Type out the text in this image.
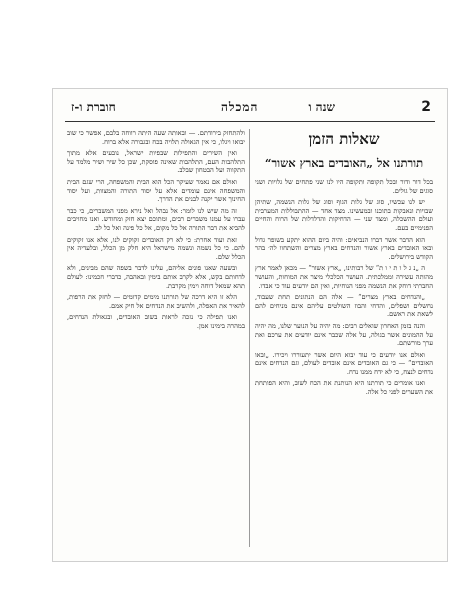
2
שנה ו
המכלה
חוברת ו-ז
שאלות הזמן
תורתנו אל „האובדים בארץ אשור“

בכל דור ודור ובכל תקופה ותקופה היו לנו שני פתחים של גלויות ושני סוגים של גולים.

יש לנו עכשיו, סוג של גלות הגוף וסוג של גלות הנשמה, שתיהן שבויות ונאבקות בתוכנו ובמעשינו. מצד אחד — ההתבוללות המערבית ועולם ההשכלה, ומצד שני — הדחיקות והדלדלות של הרוח והחיים הפנימיים בעם.

הוא הדבר אשר דברו הנביאים: והיה ביום ההוא יתקע בשופר גדול ובאו האובדים בארץ אשור והנדחים בארץ מצרים והשתחוו לה׳ בהר הקודש בירושלים.

ה „נ ג ל ו ת י ו ת“ של רבותינו, „ארץ אשור“ — מכאן לאמר ארץ מהותה עשירה וממלכתית. העושר הכלכלי מיצר את המוחות, והעושר החברתי דוחק את הנשמה מפני הנוחיות, ואין הם יודעים עוד כי אבדו.

„והנדחים בארץ מצרים“ — אלה הם הנתונים תחת שעבוד, נחשלים ושפלים, והדחי והבוז השולטים עליהם אינם מניחים להם לשאת את ראשם.

והנה בזמן האחרון שואלים רבים: מה יהיה על הנוער שלנו, מה יהיה על ההמונים אשר בגולה, על אלה שכבר אינם יודעים את ערכם ואת ערך מורשתם.

ואולם אנו יודעים כי עוד יבוא היום אשר יתעוררו ויכירו. „ובאו האובדים“ — כי גם האובדים אינם אובדים לעולם, וגם הנדחים אינם נדחים לנצח, כי לא ידח ממנו נדח.

ואנו אומרים כי תורתנו היא הנותנת את הכח לשוב, והיא הפותחת את השערים לפני כל אלה.

ולהתחזק בירודתם. — ובאותה שעה היתה רווחה בלבם, אפשר כי שוב יבואו ויגלו, כי אין הגאולה תלויה בכח ובגבורה אלא ברוח.

ואין השירים והתפילות שבפיות ישראל, נובעים אלא מתוך התלהבות העם, התלהבות שאינה פוסקת, שכן כל שיר ושיר מלמד על התקווה ועל הבטחון שבלב.

ואולם אם נאמר שעיקר הכל הוא הבית והמשפחה, הרי שגם הבית והמשפחה אינם עומדים אלא על יסוד התורה והמצוות, ועל יסוד החינוך אשר יקנה לבנים את הדרך.

זה מה שיש לנו לומר: אל נבהל ואל נירא מפני המשברים, כי כבר עברו על עמנו משברים רבים, ומתוכם יצא חזק ומחודש. ואנו מחויבים להביא את דבר התורה אל כל מקום, אל כל פינה ואל כל לב.

זאת ועוד אחרת: כי לא רק האובדים זקוקים לנו, אלא אנו זקוקים להם. כי כל נשמה ונשמה מישראל היא חלק מן הכלל, ובלעדיה אין הכלל שלם.

ובשעה שאנו פונים אליהם, עלינו לדבר בשפה שהם מבינים, ולא לדחותם בקש, אלא לקרב אותם בימין ובאהבה, כדברי חכמינו: לעולם תהא שמאל דוחה וימין מקרבת.

הלא זו היא דרכה של תורתנו מימים קדומים — לחזק את הרפות, להאיר את האפלה, ולהשיב את הנדחים אל חיק אמם.

ואנו תפילה כי נזכה לראות בשוב האובדים, ובגאולת הנדחים, במהרה בימינו אמן.
